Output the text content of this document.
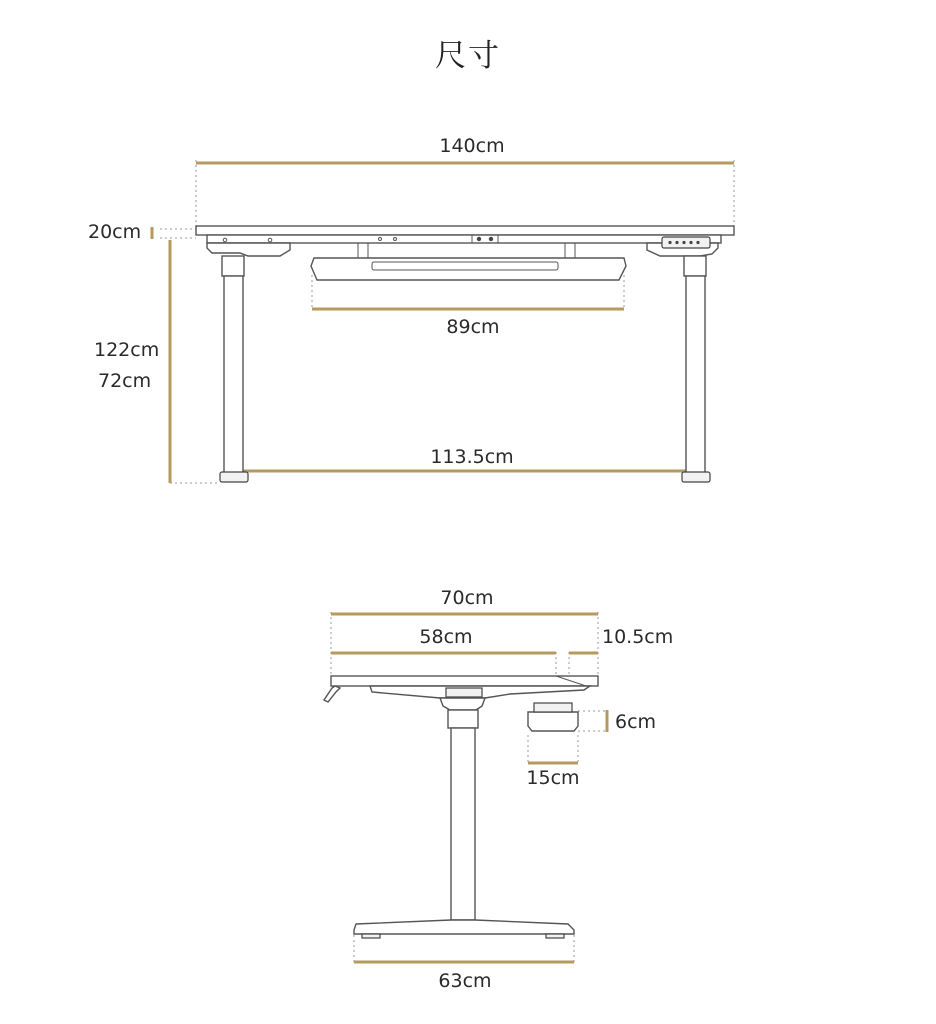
尺寸
140cm
20cm
122cm
72cm
89cm
113.5cm
70cm
58cm	10.5cm
6cm
15cm
63cm
